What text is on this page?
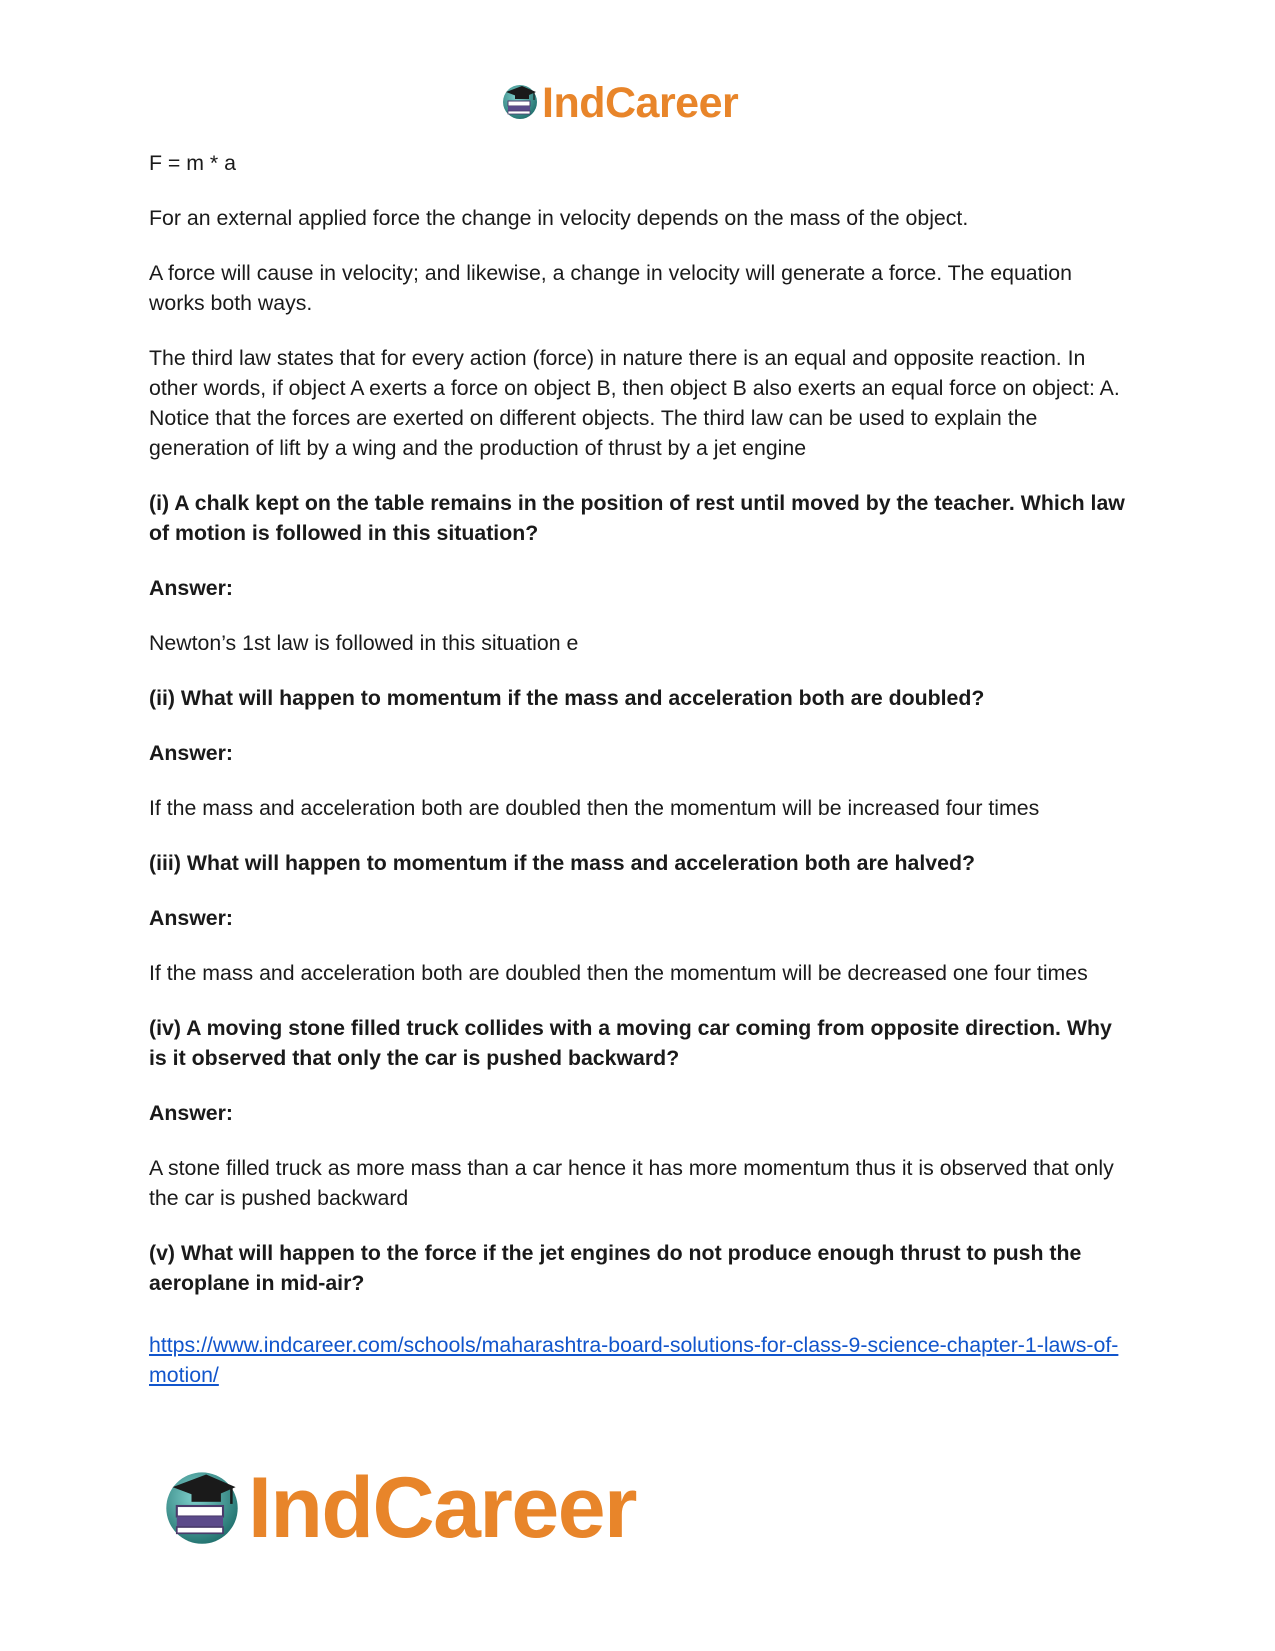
IndCareer

F = m * a

For an external applied force the change in velocity depends on the mass of the object.

A force will cause in velocity; and likewise, a change in velocity will generate a force. The equation works both ways.

The third law states that for every action (force) in nature there is an equal and opposite reaction. In other words, if object A exerts a force on object B, then object B also exerts an equal force on object: A. Notice that the forces are exerted on different objects. The third law can be used to explain the generation of lift by a wing and the production of thrust by a jet engine

(i) A chalk kept on the table remains in the position of rest until moved by the teacher. Which law of motion is followed in this situation?

Answer:

Newton’s 1st law is followed in this situation e

(ii) What will happen to momentum if the mass and acceleration both are doubled?

Answer:

If the mass and acceleration both are doubled then the momentum will be increased four times

(iii) What will happen to momentum if the mass and acceleration both are halved?

Answer:

If the mass and acceleration both are doubled then the momentum will be decreased one four times

(iv) A moving stone filled truck collides with a moving car coming from opposite direction. Why is it observed that only the car is pushed backward?

Answer:

A stone filled truck as more mass than a car hence it has more momentum thus it is observed that only the car is pushed backward

(v) What will happen to the force if the jet engines do not produce enough thrust to push the aeroplane in mid-air?

https://www.indcareer.com/schools/maharashtra-board-solutions-for-class-9-science-chapter-1-laws-of-motion/

IndCareer
